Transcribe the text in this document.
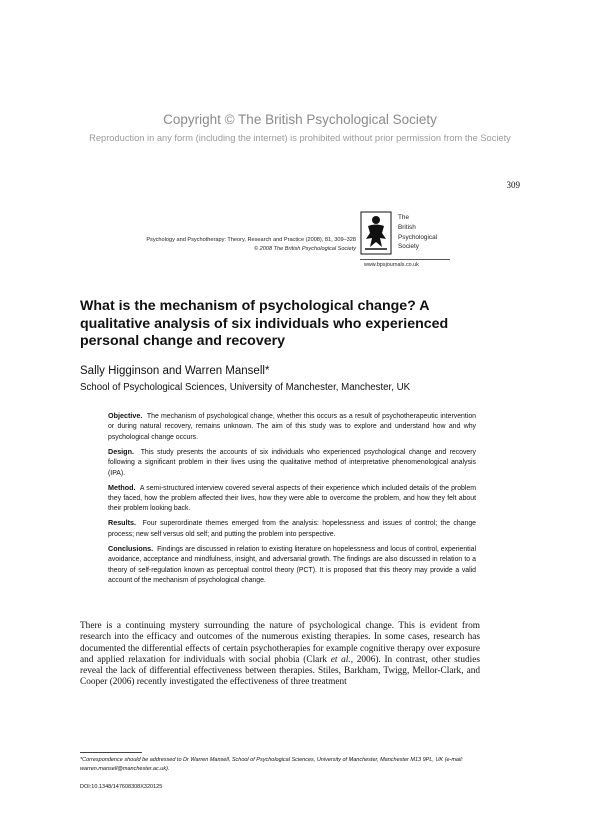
Copyright © The British Psychological Society
Reproduction in any form (including the internet) is prohibited without prior permission from the Society
309
Psychology and Psychotherapy: Theory, Research and Practice (2008), 81, 309–328
© 2008 The British Psychological Society
The
British
Psychological
Society
www.bpsjournals.co.uk
What is the mechanism of psychological change? A qualitative analysis of six individuals who experienced personal change and recovery
Sally Higginson and Warren Mansell*
School of Psychological Sciences, University of Manchester, Manchester, UK

Objective. The mechanism of psychological change, whether this occurs as a result of psychotherapeutic intervention or during natural recovery, remains unknown. The aim of this study was to explore and understand how and why psychological change occurs.

Design. This study presents the accounts of six individuals who experienced psychological change and recovery following a significant problem in their lives using the qualitative method of interpretative phenomenological analysis (IPA).

Method. A semi-structured interview covered several aspects of their experience which included details of the problem they faced, how the problem affected their lives, how they were able to overcome the problem, and how they felt about their problem looking back.

Results. Four superordinate themes emerged from the analysis: hopelessness and issues of control; the change process; new self versus old self; and putting the problem into perspective.

Conclusions. Findings are discussed in relation to existing literature on hopelessness and locus of control, experiential avoidance, acceptance and mindfulness, insight, and adversarial growth. The findings are also discussed in relation to a theory of self-regulation known as perceptual control theory (PCT). It is proposed that this theory may provide a valid account of the mechanism of psychological change.

There is a continuing mystery surrounding the nature of psychological change. This is evident from research into the efficacy and outcomes of the numerous existing therapies. In some cases, research has documented the differential effects of certain psychotherapies for example cognitive therapy over exposure and applied relaxation for individuals with social phobia (Clark et al., 2006). In contrast, other studies reveal the lack of differential effectiveness between therapies. Stiles, Barkham, Twigg, Mellor-Clark, and Cooper (2006) recently investigated the effectiveness of three treatment
*Correspondence should be addressed to Dr Warren Mansell, School of Psychological Sciences, University of Manchester, Manchester M13 9PL, UK (e-mail: warren.mansell@manchester.ac.uk).
DOI:10.1348/147608308X320125
